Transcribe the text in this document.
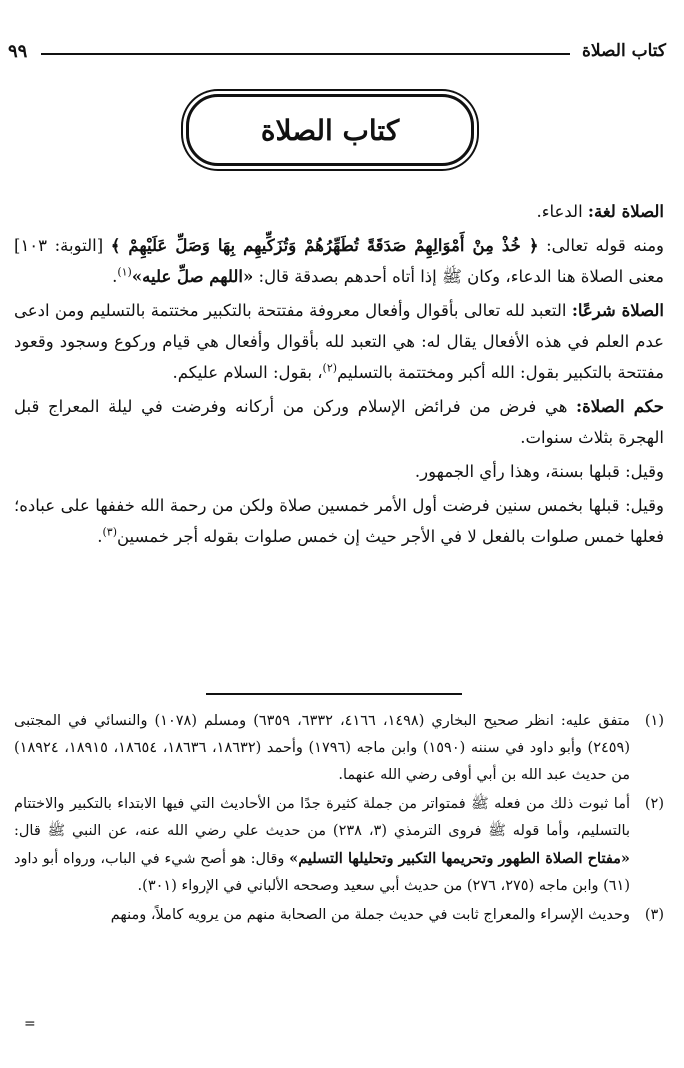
كتاب الصلاة
٩٩
كتاب الصلاة

الصلاة لغة: الدعاء.

ومنه قوله تعالى: ﴿ خُذْ مِنْ أَمْوَالِهِمْ صَدَقَةً تُطَهِّرُهُمْ وَتُزَكِّيهِم بِهَا وَصَلِّ عَلَيْهِمْ ﴾ [التوبة: ١٠٣] معنى الصلاة هنا الدعاء، وكان ﷺ إذا أتاه أحدهم بصدقة قال: «اللهم صلِّ عليه»$^{(١)}$.

الصلاة شرعًا: التعبد لله تعالى بأقوال وأفعال معروفة مفتتحة بالتكبير مختتمة بالتسليم ومن ادعى عدم العلم في هذه الأفعال يقال له: هي التعبد لله بأقوال وأفعال هي قيام وركوع وسجود وقعود مفتتحة بالتكبير بقول: الله أكبر ومختتمة بالتسليم$^{(٢)}$، بقول: السلام عليكم.

حكم الصلاة: هي فرض من فرائض الإسلام وركن من أركانه وفرضت في ليلة المعراج قبل الهجرة بثلاث سنوات.

وقيل: قبلها بسنة، وهذا رأي الجمهور.

وقيل: قبلها بخمس سنين فرضت أول الأمر خمسين صلاة ولكن من رحمة الله خففها على عباده؛ فعلها خمس صلوات بالفعل لا في الأجر حيث إن خمس صلوات بقوله أجر خمسين$^{(٣)}$.

(١)
متفق عليه: انظر صحيح البخاري (١٤٩٨، ٤١٦٦، ٦٣٣٢، ٦٣٥٩) ومسلم (١٠٧٨) والنسائي في المجتبى (٢٤٥٩) وأبو داود في سننه (١٥٩٠) وابن ماجه (١٧٩٦) وأحمد (١٨٦٣٢، ١٨٦٣٦، ١٨٦٥٤، ١٨٩١٥، ١٨٩٢٤) من حديث عبد الله بن أبي أوفى رضي الله عنهما.
(٢)
أما ثبوت ذلك من فعله ﷺ فمتواتر من جملة كثيرة جدًا من الأحاديث التي فيها الابتداء بالتكبير والاختتام بالتسليم، وأما قوله ﷺ فروى الترمذي (٣، ٢٣٨) من حديث علي رضي الله عنه، عن النبي ﷺ قال: «مفتاح الصلاة الطهور وتحريمها التكبير وتحليلها التسليم» وقال: هو أصح شيء في الباب، ورواه أبو داود (٦١) وابن ماجه (٢٧٥، ٢٧٦) من حديث أبي سعيد وصححه الألباني في الإرواء (٣٠١).
(٣)
وحديث الإسراء والمعراج ثابت في حديث جملة من الصحابة منهم من يرويه كاملاً، ومنهم
=
